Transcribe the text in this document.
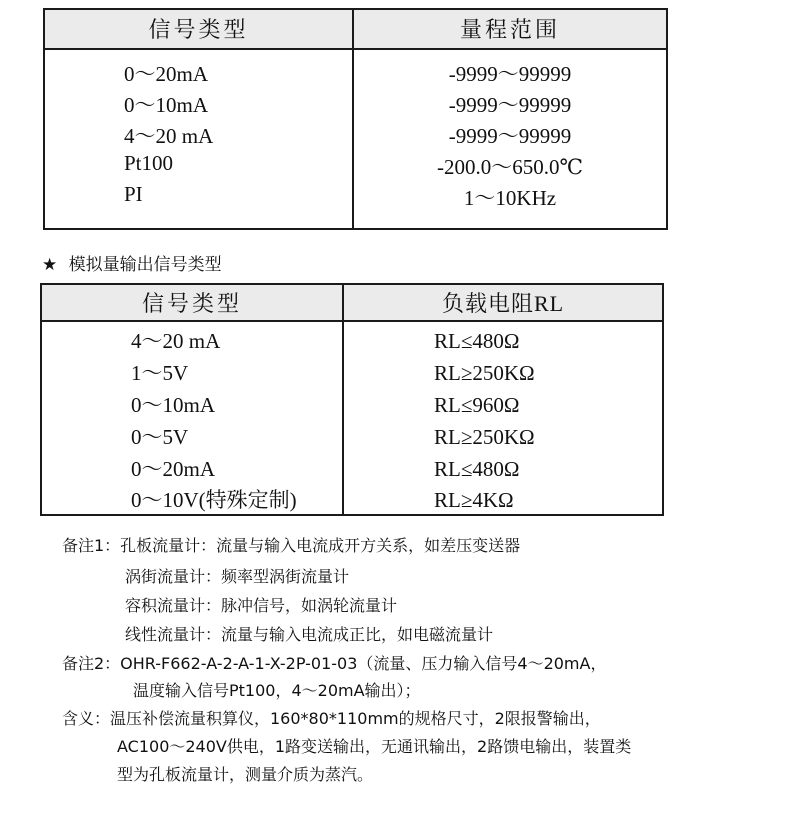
信号类型	量程范围
0～20mA	-9999～99999
0～10mA	-9999～99999
4～20 mA	-9999～99999
Pt100	-200.0～650.0℃
PI	1～10KHz
★ 模拟量输出信号类型
信号类型	负载电阻RL
4～20 mA	RL≤480Ω
1～5V	RL≥250KΩ
0～10mA	RL≤960Ω
0～5V	RL≥250KΩ
0～20mA	RL≤480Ω
0～10V(特殊定制)	RL≥4KΩ
备注1：孔板流量计：流量与输入电流成开方关系，如差压变送器
涡街流量计：频率型涡街流量计
容积流量计：脉冲信号，如涡轮流量计
线性流量计：流量与输入电流成正比，如电磁流量计
备注2：OHR-F662-A-2-A-1-X-2P-01-03（流量、压力输入信号4～20mA，
温度输入信号Pt100，4～20mA输出）；
含义：温压补偿流量积算仪，160*80*110mm的规格尺寸，2限报警输出，
AC100～240V供电，1路变送输出，无通讯输出，2路馈电输出，装置类
型为孔板流量计，测量介质为蒸汽。
